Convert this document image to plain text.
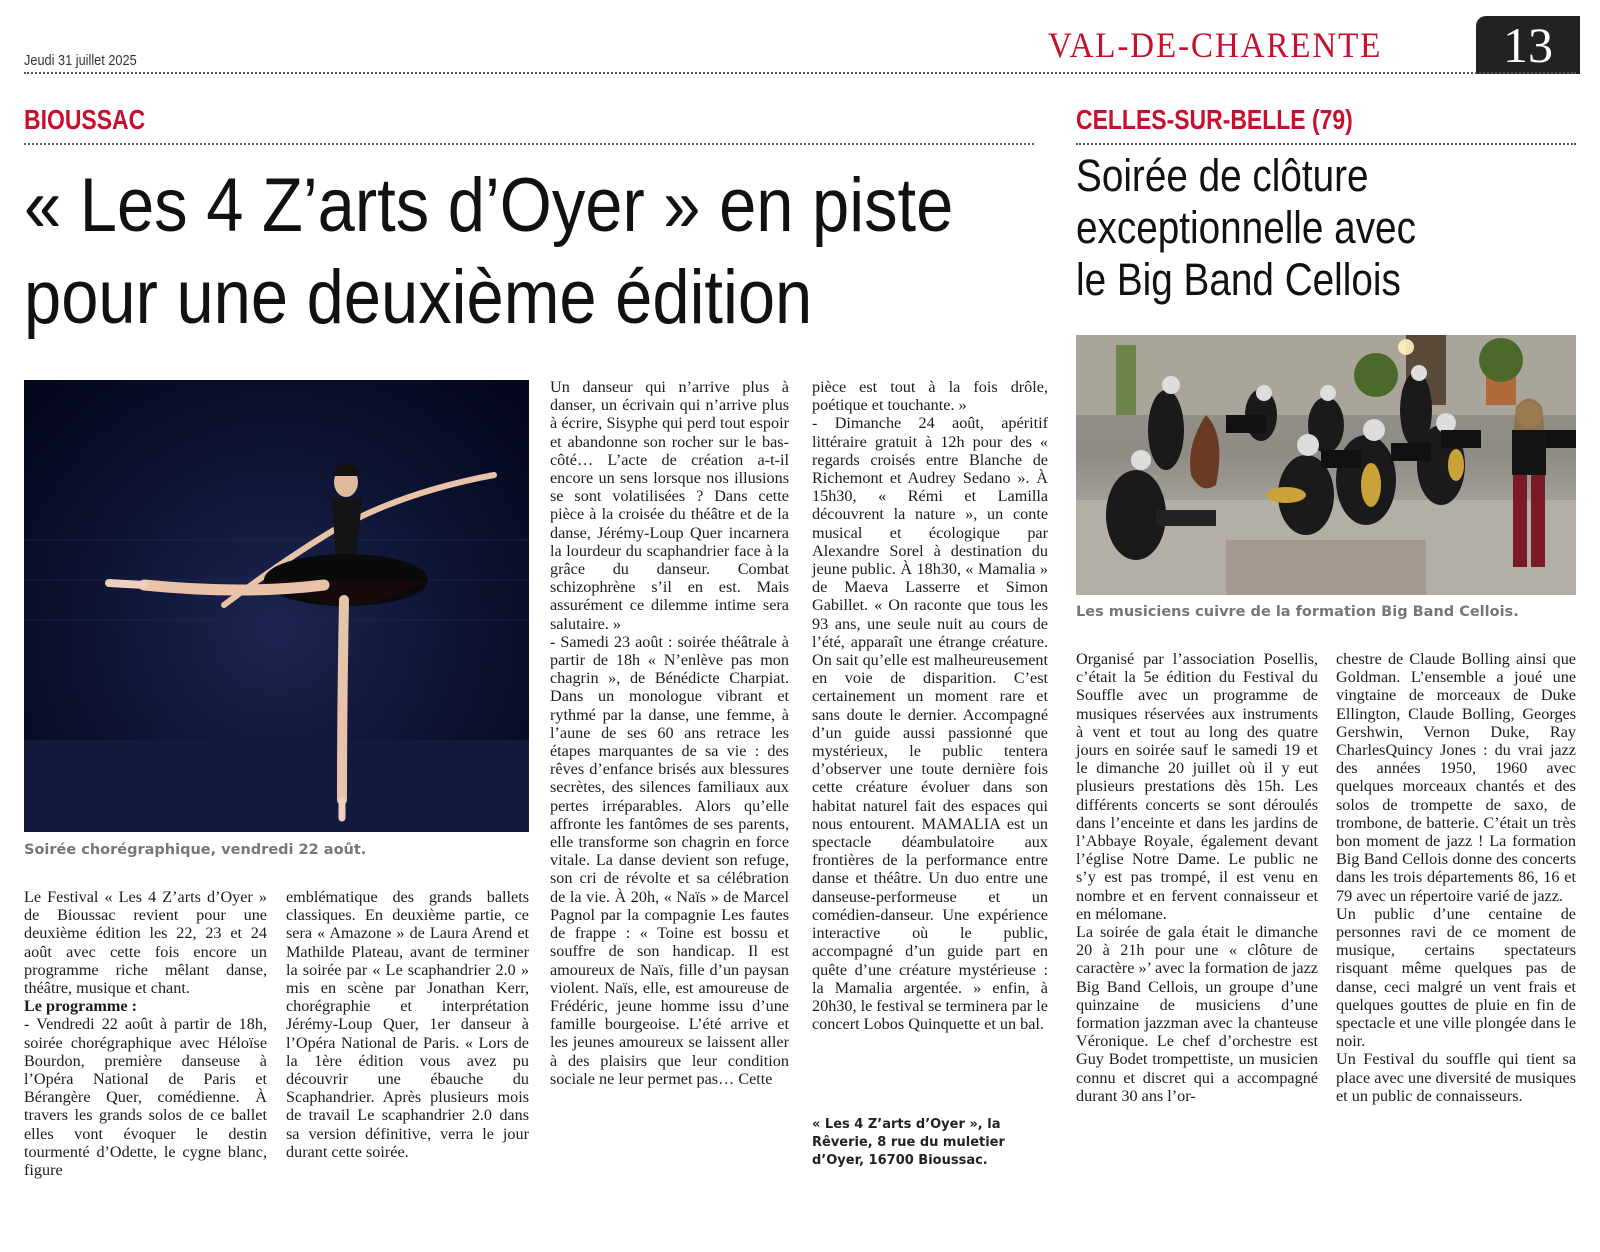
Jeudi 31 juillet 2025	VAL-DE-CHARENTE	13
BIOUSSAC	CELLES-SUR-BELLE (79)
« Les 4 Z’arts d’Oyer » en piste
pour une deuxième édition
Soirée de clôture
exceptionnelle avec
le Big Band Cellois
Soirée chorégraphique, vendredi 22 août.

Le Festival « Les 4 Z’arts d’Oyer » de Bioussac revient pour une deuxième édition les 22, 23 et 24 août avec cette fois encore un programme riche mêlant danse, théâtre, musique et chant.

Le programme :

- Vendredi 22 août à partir de 18h, soirée chorégraphique avec Héloïse Bourdon, première danseuse à l’Opéra National de Paris et Bérangère Quer, comédienne. À travers les grands solos de ce ballet elles vont évoquer le destin tourmenté d’Odette, le cygne blanc, figure

emblématique des grands ballets classiques. En deuxième partie, ce sera « Amazone » de Laura Arend et Mathilde Plateau, avant de terminer la soirée par « Le scaphandrier 2.0 » mis en scène par Jonathan Kerr, chorégraphie et interprétation Jérémy-Loup Quer, 1er danseur à l’Opéra National de Paris. « Lors de la 1ère édition vous avez pu découvrir une ébauche du Scaphandrier. Après plusieurs mois de travail Le scaphandrier 2.0 dans sa version définitive, verra le jour durant cette soirée.

Un danseur qui n’arrive plus à danser, un écrivain qui n’arrive plus à écrire, Sisyphe qui perd tout espoir et abandonne son rocher sur le bas-côté… L’acte de création a-t-il encore un sens lorsque nos illusions se sont volatilisées ? Dans cette pièce à la croisée du théâtre et de la danse, Jérémy-Loup Quer incarnera la lourdeur du scaphandrier face à la grâce du danseur. Combat schizophrène s’il en est. Mais assurément ce dilemme intime sera salutaire. »

- Samedi 23 août : soirée théâtrale à partir de 18h « N’enlève pas mon chagrin », de Bénédicte Charpiat. Dans un monologue vibrant et rythmé par la danse, une femme, à l’aune de ses 60 ans retrace les étapes marquantes de sa vie : des rêves d’enfance brisés aux blessures secrètes, des silences familiaux aux pertes irréparables. Alors qu’elle affronte les fantômes de ses parents, elle transforme son chagrin en force vitale. La danse devient son refuge, son cri de révolte et sa célébration de la vie. À 20h, « Naïs » de Marcel Pagnol par la compagnie Les fautes de frappe : « Toine est bossu et souffre de son handicap. Il est amoureux de Naïs, fille d’un paysan violent. Naïs, elle, est amoureuse de Frédéric, jeune homme issu d’une famille bourgeoise. L’été arrive et les jeunes amoureux se laissent aller à des plaisirs que leur condition sociale ne leur permet pas… Cette

pièce est tout à la fois drôle, poétique et touchante. »

- Dimanche 24 août, apéritif littéraire gratuit à 12h pour des « regards croisés entre Blanche de Richemont et Audrey Sedano ». À 15h30, « Rémi et Lamilla découvrent la nature », un conte musical et écologique par Alexandre Sorel à destination du jeune public. À 18h30, « Mamalia » de Maeva Lasserre et Simon Gabillet. « On raconte que tous les 93 ans, une seule nuit au cours de l’été, apparaît une étrange créature. On sait qu’elle est malheureusement en voie de disparition. C’est certainement un moment rare et sans doute le dernier. Accompagné d’un guide aussi passionné que mystérieux, le public tentera d’observer une toute dernière fois cette créature évoluer dans son habitat naturel fait des espaces qui nous entourent. MAMALIA est un spectacle déambulatoire aux frontières de la performance entre danse et théâtre. Un duo entre une danseuse-performeuse et un comédien-danseur. Une expérience interactive où le public, accompagné d’un guide part en quête d’une créature mystérieuse : la Mamalia argentée. » enfin, à 20h30, le festival se terminera par le concert Lobos Quinquette et un bal.

« Les 4 Z’arts d’Oyer », la Rêverie, 8 rue du muletier d’Oyer, 16700 Bioussac.
Les musiciens cuivre de la formation Big Band Cellois.

Organisé par l’association Posellis, c’était la 5e édition du Festival du Souffle avec un programme de musiques réservées aux instruments à vent et tout au long des quatre jours en soirée sauf le samedi 19 et le dimanche 20 juillet où il y eut plusieurs prestations dès 15h. Les différents concerts se sont déroulés dans l’enceinte et dans les jardins de l’Abbaye Royale, également devant l’église Notre Dame. Le public ne s’y est pas trompé, il est venu en nombre et en fervent connaisseur et en mélomane.

La soirée de gala était le dimanche 20 à 21h pour une « clôture de caractère »’ avec la formation de jazz Big Band Cellois, un groupe d’une quinzaine de musiciens d’une formation jazzman avec la chanteuse Véronique. Le chef d’orchestre est Guy Bodet trompettiste, un musicien connu et discret qui a accompagné durant 30 ans l’or-

chestre de Claude Bolling ainsi que Goldman. L’ensemble a joué une vingtaine de morceaux de Duke Ellington, Claude Bolling, Georges Gershwin, Vernon Duke, Ray CharlesQuincy Jones : du vrai jazz des années 1950, 1960 avec quelques morceaux chantés et des solos de trompette de saxo, de trombone, de batterie. C’était un très bon moment de jazz ! La formation Big Band Cellois donne des concerts dans les trois départements 86, 16 et 79 avec un répertoire varié de jazz.

Un public d’une centaine de personnes ravi de ce moment de musique, certains spectateurs risquant même quelques pas de danse, ceci malgré un vent frais et quelques gouttes de pluie en fin de spectacle et une ville plongée dans le noir.

Un Festival du souffle qui tient sa place avec une diversité de musiques et un public de connaisseurs.
